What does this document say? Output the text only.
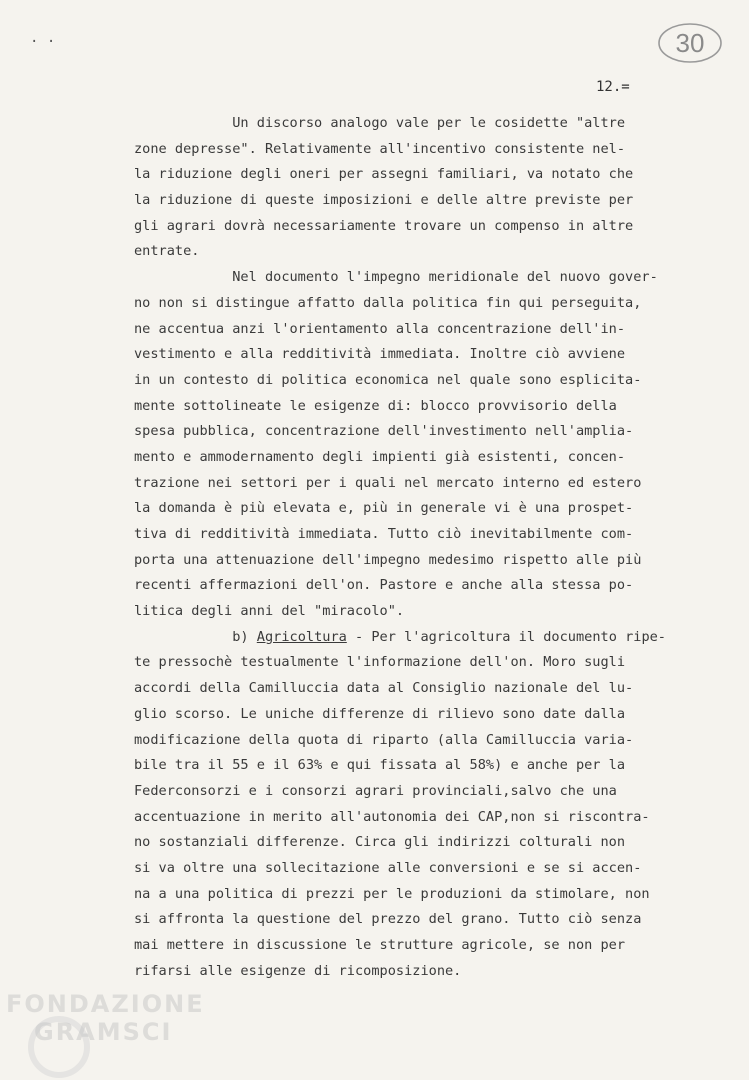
· ·	30
12.=
Un discorso analogo vale per le cosidette "altre
zone depresse". Relativamente all'incentivo consistente nel-
la riduzione degli oneri per assegni familiari, va notato che
la riduzione di queste imposizioni e delle altre previste per
gli agrari dovrà necessariamente trovare un compenso in altre
entrate.
Nel documento l'impegno meridionale del nuovo gover-
no non si distingue affatto dalla politica fin qui perseguita,
ne accentua anzi l'orientamento alla concentrazione dell'in-
vestimento e alla redditività immediata. Inoltre ciò avviene
in un contesto di politica economica nel quale sono esplicita-
mente sottolineate le esigenze di: blocco provvisorio della
spesa pubblica, concentrazione dell'investimento nell'amplia-
mento e ammodernamento degli impienti già esistenti, concen-
trazione nei settori per i quali nel mercato interno ed estero
la domanda è più elevata e, più in generale vi è una prospet-
tiva di redditività immediata. Tutto ciò inevitabilmente com-
porta una attenuazione dell'impegno medesimo rispetto alle più
recenti affermazioni dell'on. Pastore e anche alla stessa po-
litica degli anni del "miracolo".
b) Agricoltura - Per l'agricoltura il documento ripe-
te pressochè testualmente l'informazione dell'on. Moro sugli
accordi della Camilluccia data al Consiglio nazionale del lu-
glio scorso. Le uniche differenze di rilievo sono date dalla
modificazione della quota di riparto (alla Camilluccia varia-
bile tra il 55 e il 63% e qui fissata al 58%) e anche per la
Federconsorzi e i consorzi agrari provinciali,salvo che una
accentuazione in merito all'autonomia dei CAP,non si riscontra-
no sostanziali differenze. Circa gli indirizzi colturali non
si va oltre una sollecitazione alle conversioni e se si accen-
na a una politica di prezzi per le produzioni da stimolare, non
si affronta la questione del prezzo del grano. Tutto ciò senza
mai mettere in discussione le strutture agricole, se non per
rifarsi alle esigenze di ricomposizione.
FONDAZIONE
GRAMSCI
